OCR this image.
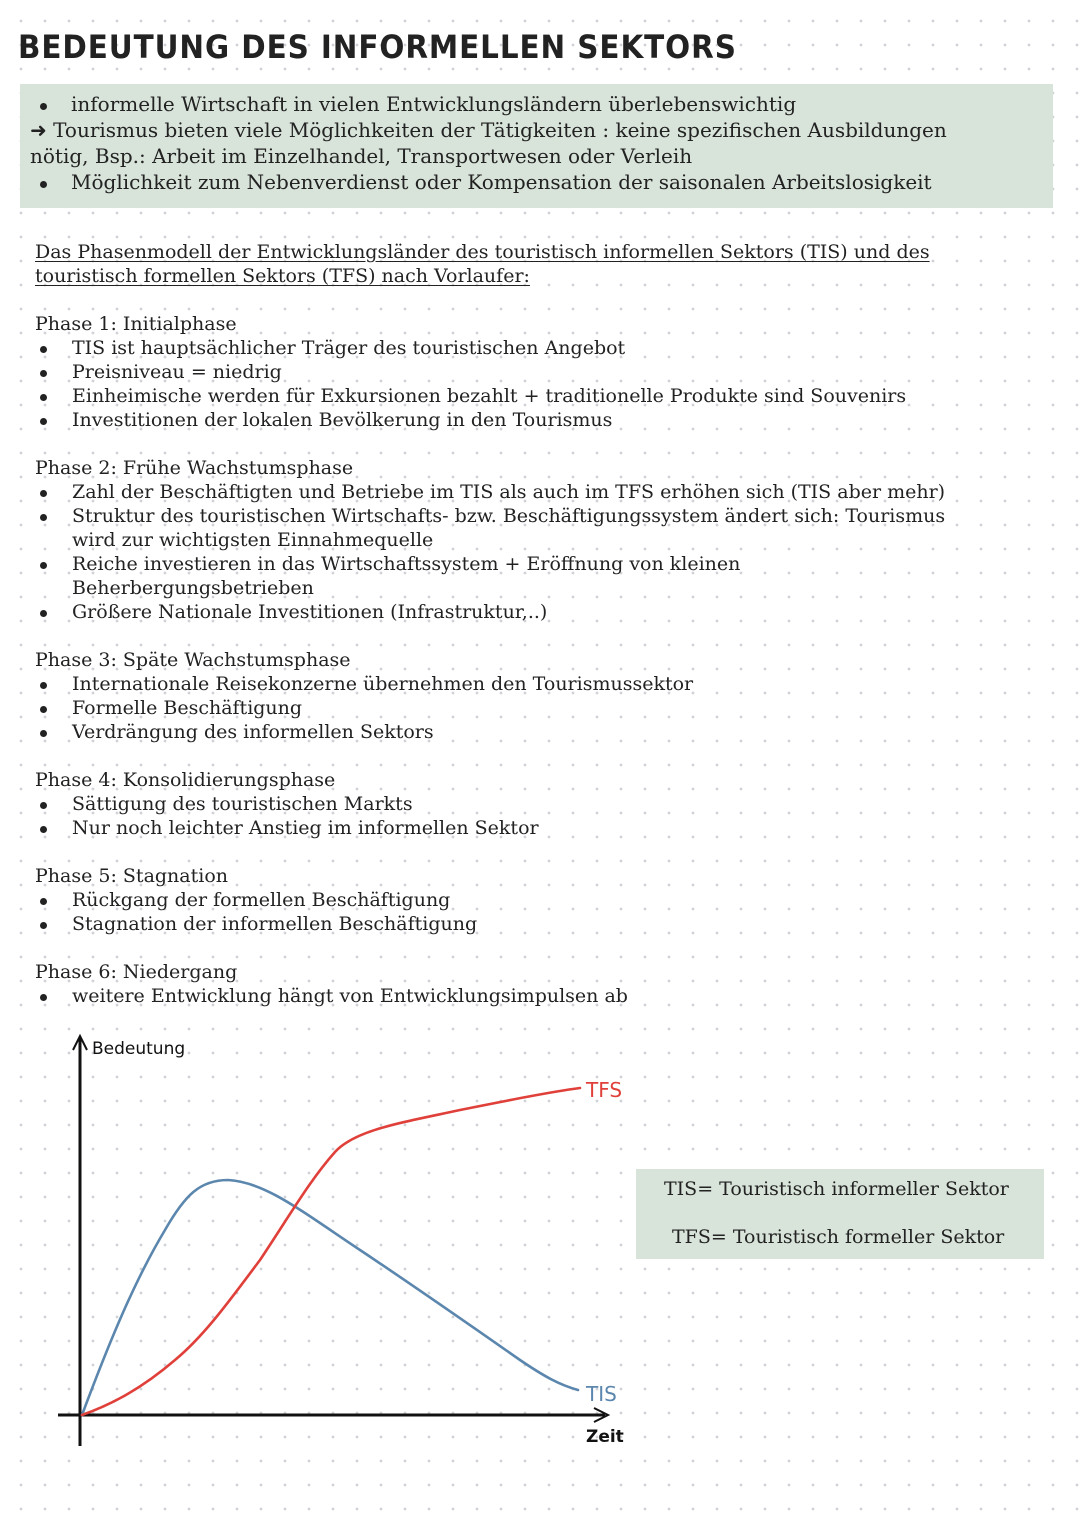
BEDEUTUNG DES INFORMELLEN SEKTORS
informelle Wirtschaft in vielen Entwicklungsländern überlebenswichtig
➜ Tourismus bieten viele Möglichkeiten der Tätigkeiten : keine spezifischen Ausbildungen
nötig, Bsp.: Arbeit im Einzelhandel, Transportwesen oder Verleih
Möglichkeit zum Nebenverdienst oder Kompensation der saisonalen Arbeitslosigkeit
Das Phasenmodell der Entwicklungsländer des touristisch informellen Sektors (TIS) und des
touristisch formellen Sektors (TFS) nach Vorlaufer:
Phase 1: Initialphase
TIS ist hauptsächlicher Träger des touristischen Angebot
Preisniveau = niedrig
Einheimische werden für Exkursionen bezahlt + traditionelle Produkte sind Souvenirs
Investitionen der lokalen Bevölkerung in den Tourismus
Phase 2: Frühe Wachstumsphase
Zahl der Beschäftigten und Betriebe im TIS als auch im TFS erhöhen sich (TIS aber mehr)
Struktur des touristischen Wirtschafts- bzw. Beschäftigungssystem ändert sich: Tourismus
wird zur wichtigsten Einnahmequelle
Reiche investieren in das Wirtschaftssystem + Eröffnung von kleinen
Beherbergungsbetrieben
Größere Nationale Investitionen (Infrastruktur,..)
Phase 3: Späte Wachstumsphase
Internationale Reisekonzerne übernehmen den Tourismussektor
Formelle Beschäftigung
Verdrängung des informellen Sektors
Phase 4: Konsolidierungsphase
Sättigung des touristischen Markts
Nur noch leichter Anstieg im informellen Sektor
Phase 5: Stagnation
Rückgang der formellen Beschäftigung
Stagnation der informellen Beschäftigung
Phase 6: Niedergang
weitere Entwicklung hängt von Entwicklungsimpulsen ab
Bedeutung
Zeit
TFS
TIS
TIS= Touristisch informeller Sektor
TFS= Touristisch formeller Sektor
